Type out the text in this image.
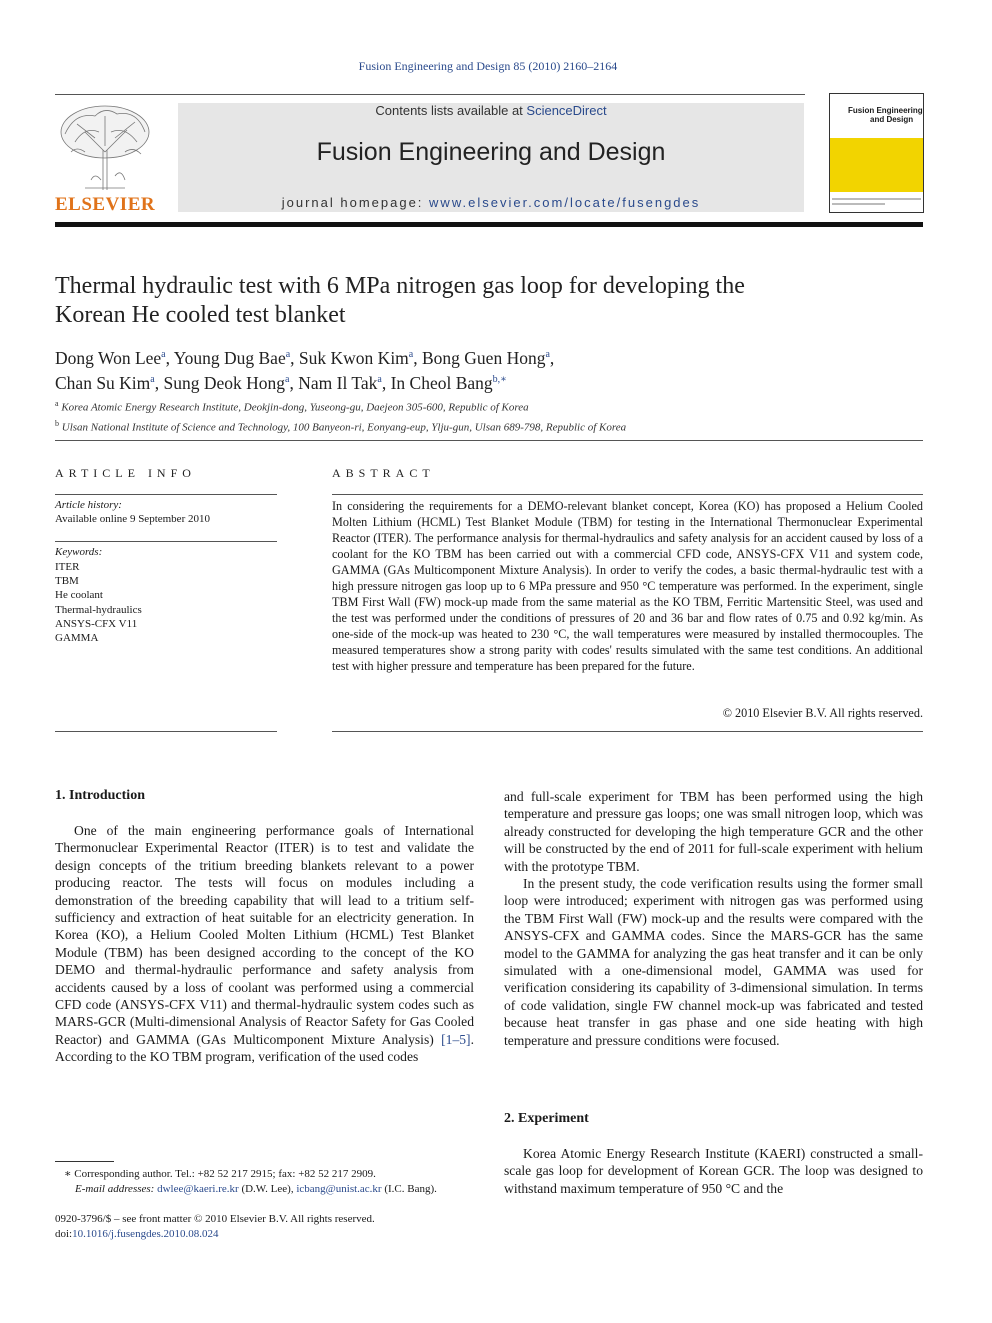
Fusion Engineering and Design 85 (2010) 2160–2164
ELSEVIER
Contents lists available at ScienceDirect
Fusion Engineering and Design
journal homepage: www.elsevier.com/locate/fusengdes
Fusion Engineering
and Design
Thermal hydraulic test with 6 MPa nitrogen gas loop for developing the Korean He cooled test blanket
Dong Won Lee$^a$, Young Dug Bae$^a$, Suk Kwon Kim$^a$, Bong Guen Hong$^a$,
Chan Su Kim$^a$, Sung Deok Hong$^a$, Nam Il Tak$^a$, In Cheol Bang$^{b,∗}$
$^a$ Korea Atomic Energy Research Institute, Deokjin-dong, Yuseong-gu, Daejeon 305-600, Republic of Korea
$^b$ Ulsan National Institute of Science and Technology, 100 Banyeon-ri, Eonyang-eup, Ylju-gun, Ulsan 689-798, Republic of Korea
ARTICLE INFO	ABSTRACT
Article history:
Available online 9 September 2010
Keywords:
ITER
TBM
He coolant
Thermal-hydraulics
ANSYS-CFX V11
GAMMA
In considering the requirements for a DEMO-relevant blanket concept, Korea (KO) has proposed a Helium Cooled Molten Lithium (HCML) Test Blanket Module (TBM) for testing in the International Thermonuclear Experimental Reactor (ITER). The performance analysis for thermal-hydraulics and safety analysis for an accident caused by loss of a coolant for the KO TBM has been carried out with a commercial CFD code, ANSYS-CFX V11 and system code, GAMMA (GAs Multicomponent Mixture Analysis). In order to verify the codes, a basic thermal-hydraulic test with a high pressure nitrogen gas loop up to 6 MPa pressure and 950 °C temperature was performed. In the experiment, single TBM First Wall (FW) mock-up made from the same material as the KO TBM, Ferritic Martensitic Steel, was used and the test was performed under the conditions of pressures of 20 and 36 bar and flow rates of 0.75 and 0.92 kg/min. As one-side of the mock-up was heated to 230 °C, the wall temperatures were measured by installed thermocouples. The measured temperatures show a strong parity with codes' results simulated with the same test conditions. An additional test with higher pressure and temperature has been prepared for the future.
© 2010 Elsevier B.V. All rights reserved.
1. Introduction

One of the main engineering performance goals of International Thermonuclear Experimental Reactor (ITER) is to test and validate the design concepts of the tritium breeding blankets relevant to a power producing reactor. The tests will focus on modules including a demonstration of the breeding capability that will lead to a tritium self-sufficiency and extraction of heat suitable for an electricity generation. In Korea (KO), a Helium Cooled Molten Lithium (HCML) Test Blanket Module (TBM) has been designed according to the concept of the KO DEMO and thermal-hydraulic performance and safety analysis from accidents caused by a loss of coolant was performed using a commercial CFD code (ANSYS-CFX V11) and thermal-hydraulic system codes such as MARS-GCR (Multi-dimensional Analysis of Reactor Safety for Gas Cooled Reactor) and GAMMA (GAs Multicomponent Mixture Analysis) [1–5]. According to the KO TBM program, verification of the used codes

and full-scale experiment for TBM has been performed using the high temperature and pressure gas loops; one was small nitrogen loop, which was already constructed for developing the high temperature GCR and the other will be constructed by the end of 2011 for full-scale experiment with helium with the prototype TBM.

In the present study, the code verification results using the former small loop were introduced; experiment with nitrogen gas was performed using the TBM First Wall (FW) mock-up and the results were compared with the ANSYS-CFX and GAMMA codes. Since the MARS-GCR has the same model to the GAMMA for analyzing the gas heat transfer and it can be only simulated with a one-dimensional model, GAMMA was used for verification considering its capability of 3-dimensional simulation. In terms of code validation, single FW channel mock-up was fabricated and tested because heat transfer in gas phase and one side heating with high temperature and pressure conditions were focused.

2. Experiment

Korea Atomic Energy Research Institute (KAERI) constructed a small-scale gas loop for development of Korean GCR. The loop was designed to withstand maximum temperature of 950 °C and the

∗ Corresponding author. Tel.: +82 52 217 2915; fax: +82 52 217 2909.
E-mail addresses: dwlee@kaeri.re.kr (D.W. Lee), icbang@unist.ac.kr (I.C. Bang).
0920-3796/$ – see front matter © 2010 Elsevier B.V. All rights reserved.
doi:10.1016/j.fusengdes.2010.08.024
